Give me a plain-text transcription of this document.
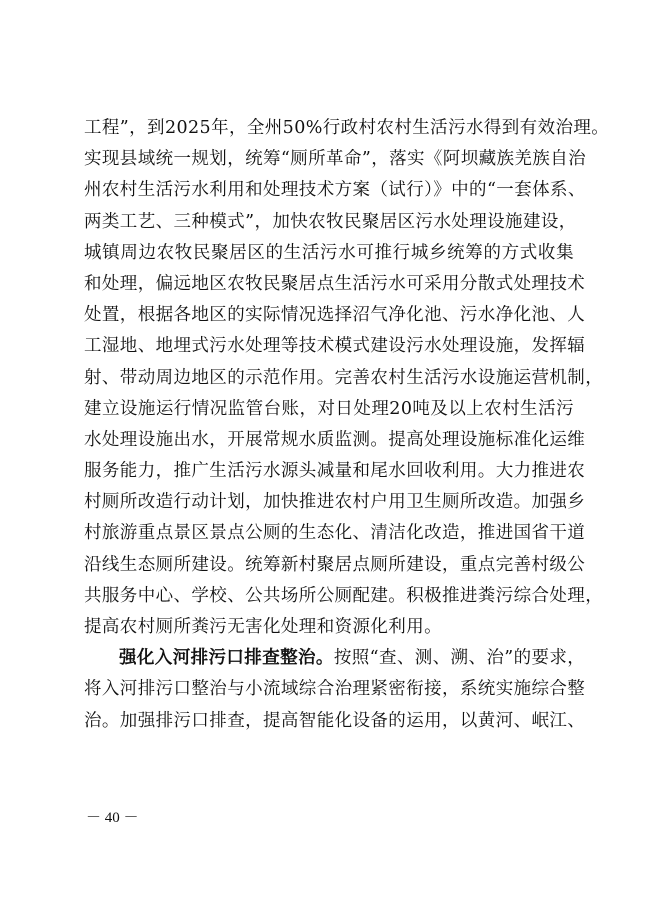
工程”，到2025年，全州50%行政村农村生活污水得到有效治理。
实现县域统一规划，统筹“厕所革命”，落实《阿坝藏族羌族自治
州农村生活污水利用和处理技术方案（试行）》中的“一套体系、
两类工艺、三种模式”，加快农牧民聚居区污水处理设施建设，
城镇周边农牧民聚居区的生活污水可推行城乡统筹的方式收集
和处理，偏远地区农牧民聚居点生活污水可采用分散式处理技术
处置，根据各地区的实际情况选择沼气净化池、污水净化池、人
工湿地、地埋式污水处理等技术模式建设污水处理设施，发挥辐
射、带动周边地区的示范作用。完善农村生活污水设施运营机制，
建立设施运行情况监管台账，对日处理20吨及以上农村生活污
水处理设施出水，开展常规水质监测。提高处理设施标准化运维
服务能力，推广生活污水源头减量和尾水回收利用。大力推进农
村厕所改造行动计划，加快推进农村户用卫生厕所改造。加强乡
村旅游重点景区景点公厕的生态化、清洁化改造，推进国省干道
沿线生态厕所建设。统筹新村聚居点厕所建设，重点完善村级公
共服务中心、学校、公共场所公厕配建。积极推进粪污综合处理，
提高农村厕所粪污无害化处理和资源化利用。
强化入河排污口排查整治。按照“查、测、溯、治”的要求，
将入河排污口整治与小流域综合治理紧密衔接，系统实施综合整
治。加强排污口排查，提高智能化设备的运用，以黄河、岷江、
－ 40 －
